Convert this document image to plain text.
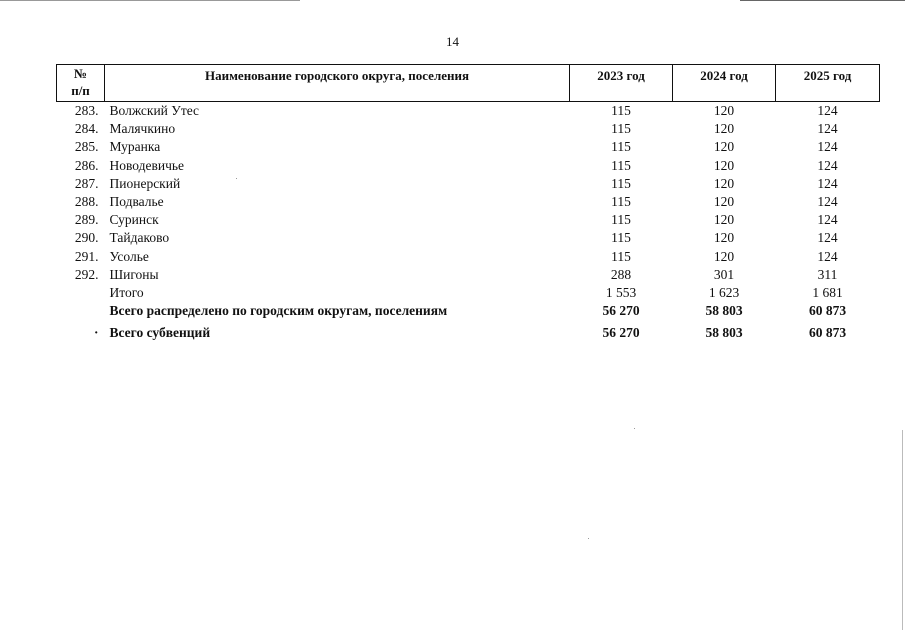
14
№
п/п	Наименование городского округа, поселения	2023 год	2024 год	2025 год
283.	Волжский Утес	115	120	124
284.	Малячкино	115	120	124
285.	Муранка	115	120	124
286.	Новодевичье	115	120	124
287.	Пионерский	115	120	124
288.	Подвалье	115	120	124
289.	Суринск	115	120	124
290.	Тайдаково	115	120	124
291.	Усолье	115	120	124
292.	Шигоны	288	301	311
	Итого	1 553	1 623	1 681
	Всего распределено по городским округам, поселениям	56 270	58 803	60 873

·	Всего субвенций	56 270	58 803	60 873
